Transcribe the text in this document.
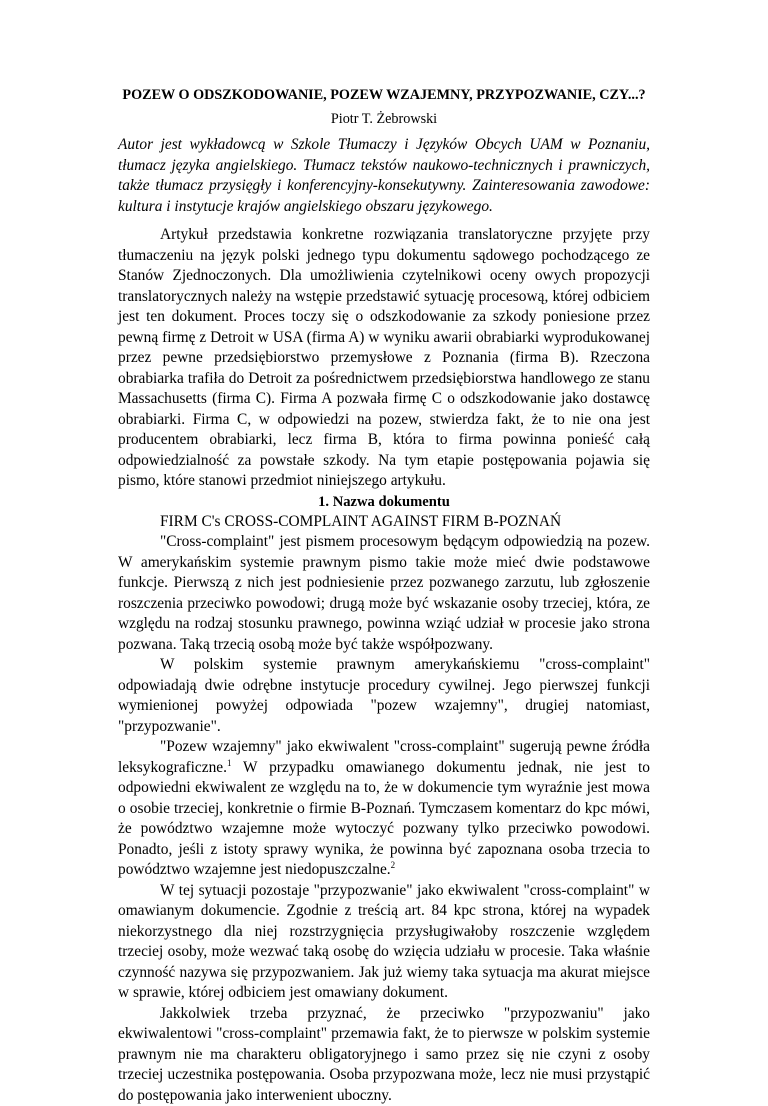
POZEW O ODSZKODOWANIE, POZEW WZAJEMNY, PRZYPOZWANIE, CZY...?

Piotr T. Żebrowski

Autor jest wykładowcą w Szkole Tłumaczy i Języków Obcych UAM w Poznaniu, tłumacz języka angielskiego. Tłumacz tekstów naukowo-technicznych i prawniczych, także tłumacz przysięgły i konferencyjny-konsekutywny. Zainteresowania zawodowe: kultura i instytucje krajów angielskiego obszaru językowego.

Artykuł przedstawia konkretne rozwiązania translatoryczne przyjęte przy tłumaczeniu na język polski jednego typu dokumentu sądowego pochodzącego ze Stanów Zjednoczonych. Dla umożliwienia czytelnikowi oceny owych propozycji translatorycznych należy na wstępie przedstawić sytuację procesową, której odbiciem jest ten dokument. Proces toczy się o odszkodowanie za szkody poniesione przez pewną firmę z Detroit w USA (firma A) w wyniku awarii obrabiarki wyprodukowanej przez pewne przedsiębiorstwo przemysłowe z Poznania (firma B). Rzeczona obrabiarka trafiła do Detroit za pośrednictwem przedsiębiorstwa handlowego ze stanu Massachusetts (firma C). Firma A pozwała firmę C o odszkodowanie jako dostawcę obrabiarki. Firma C, w odpowiedzi na pozew, stwierdza fakt, że to nie ona jest producentem obrabiarki, lecz firma B, która to firma powinna ponieść całą odpowiedzialność za powstałe szkody. Na tym etapie postępowania pojawia się pismo, które stanowi przedmiot niniejszego artykułu.

1. Nazwa dokumentu

FIRM C's CROSS-COMPLAINT AGAINST FIRM B-POZNAŃ

"Cross-complaint" jest pismem procesowym będącym odpowiedzią na pozew. W amerykańskim systemie prawnym pismo takie może mieć dwie podstawowe funkcje. Pierwszą z nich jest podniesienie przez pozwanego zarzutu, lub zgłoszenie roszczenia przeciwko powodowi; drugą może być wskazanie osoby trzeciej, która, ze względu na rodzaj stosunku prawnego, powinna wziąć udział w procesie jako strona pozwana. Taką trzecią osobą może być także współpozwany.

W polskim systemie prawnym amerykańskiemu "cross-complaint" odpowiadają dwie odrębne instytucje procedury cywilnej. Jego pierwszej funkcji wymienionej powyżej odpowiada "pozew wzajemny", drugiej natomiast, "przypozwanie".

"Pozew wzajemny" jako ekwiwalent "cross-complaint" sugerują pewne źródła leksykograficzne.$^1$ W przypadku omawianego dokumentu jednak, nie jest to odpowiedni ekwiwalent ze względu na to, że w dokumencie tym wyraźnie jest mowa o osobie trzeciej, konkretnie o firmie B-Poznań. Tymczasem komentarz do kpc mówi, że powództwo wzajemne może wytoczyć pozwany tylko przeciwko powodowi. Ponadto, jeśli z istoty sprawy wynika, że powinna być zapoznana osoba trzecia to powództwo wzajemne jest niedopuszczalne.$^2$

W tej sytuacji pozostaje "przypozwanie" jako ekwiwalent "cross-complaint" w omawianym dokumencie. Zgodnie z treścią art. 84 kpc strona, której na wypadek niekorzystnego dla niej rozstrzygnięcia przysługiwałoby roszczenie względem trzeciej osoby, może wezwać taką osobę do wzięcia udziału w procesie. Taka właśnie czynność nazywa się przypozwaniem. Jak już wiemy taka sytuacja ma akurat miejsce w sprawie, której odbiciem jest omawiany dokument.

Jakkolwiek trzeba przyznać, że przeciwko "przypozwaniu" jako ekwiwalentowi "cross-complaint" przemawia fakt, że to pierwsze w polskim systemie prawnym nie ma charakteru obligatoryjnego i samo przez się nie czyni z osoby trzeciej uczestnika postępowania. Osoba przypozwana może, lecz nie musi przystąpić do postępowania jako interwenient uboczny.
